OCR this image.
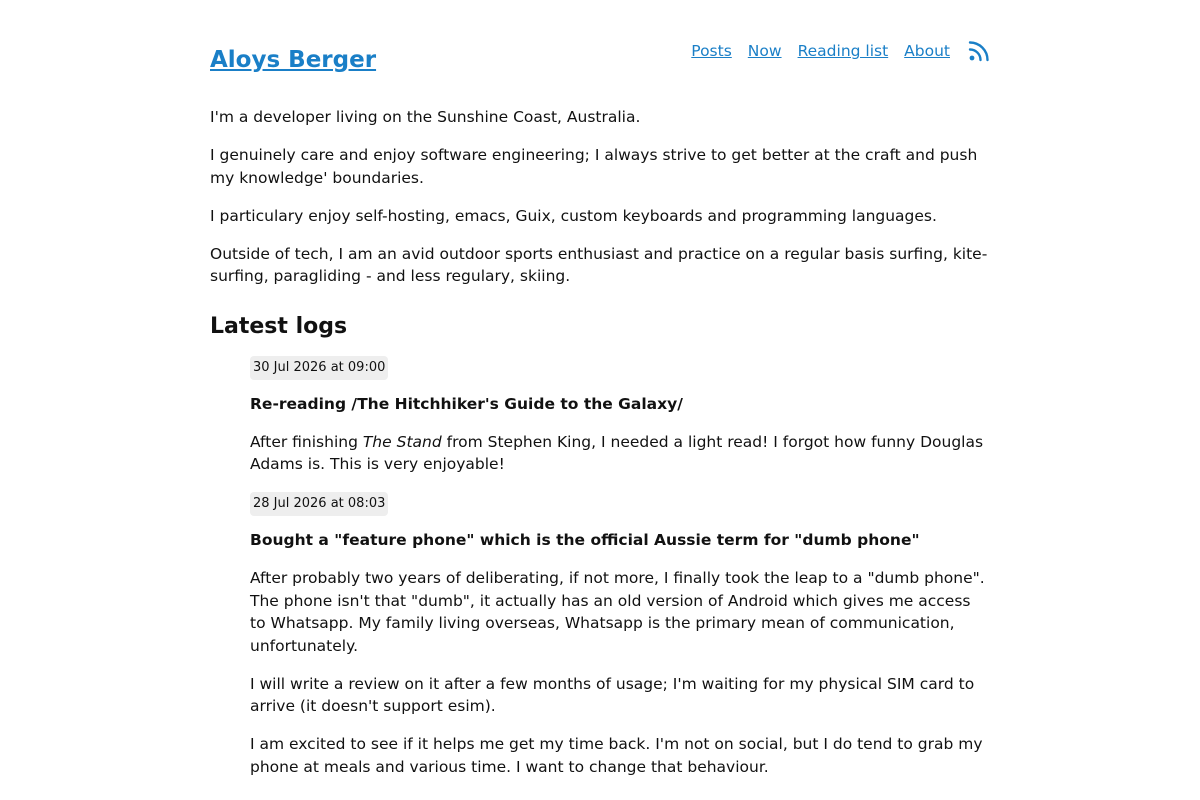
Aloys Berger	Posts Now Reading list About

I'm a developer living on the Sunshine Coast, Australia.

I genuinely care and enjoy software engineering; I always strive to get better at the craft and push my knowledge' boundaries.

I particulary enjoy self-hosting, emacs, Guix, custom keyboards and programming languages.

Outside of tech, I am an avid outdoor sports enthusiast and practice on a regular basis surfing, kite-surfing, paragliding - and less regulary, skiing.

Latest logs
30 Jul 2026 at 09:00
Re-reading /The Hitchhiker's Guide to the Galaxy/

After finishing The Stand from Stephen King, I needed a light read! I forgot how funny Douglas Adams is. This is very enjoyable!

28 Jul 2026 at 08:03
Bought a "feature phone" which is the official Aussie term for "dumb phone"

After probably two years of deliberating, if not more, I finally took the leap to a "dumb phone". The phone isn't that "dumb", it actually has an old version of Android which gives me access to Whatsapp. My family living overseas, Whatsapp is the primary mean of communication, unfortunately.

I will write a review on it after a few months of usage; I'm waiting for my physical SIM card to arrive (it doesn't support esim).

I am excited to see if it helps me get my time back. I'm not on social, but I do tend to grab my phone at meals and various time. I want to change that behaviour.
